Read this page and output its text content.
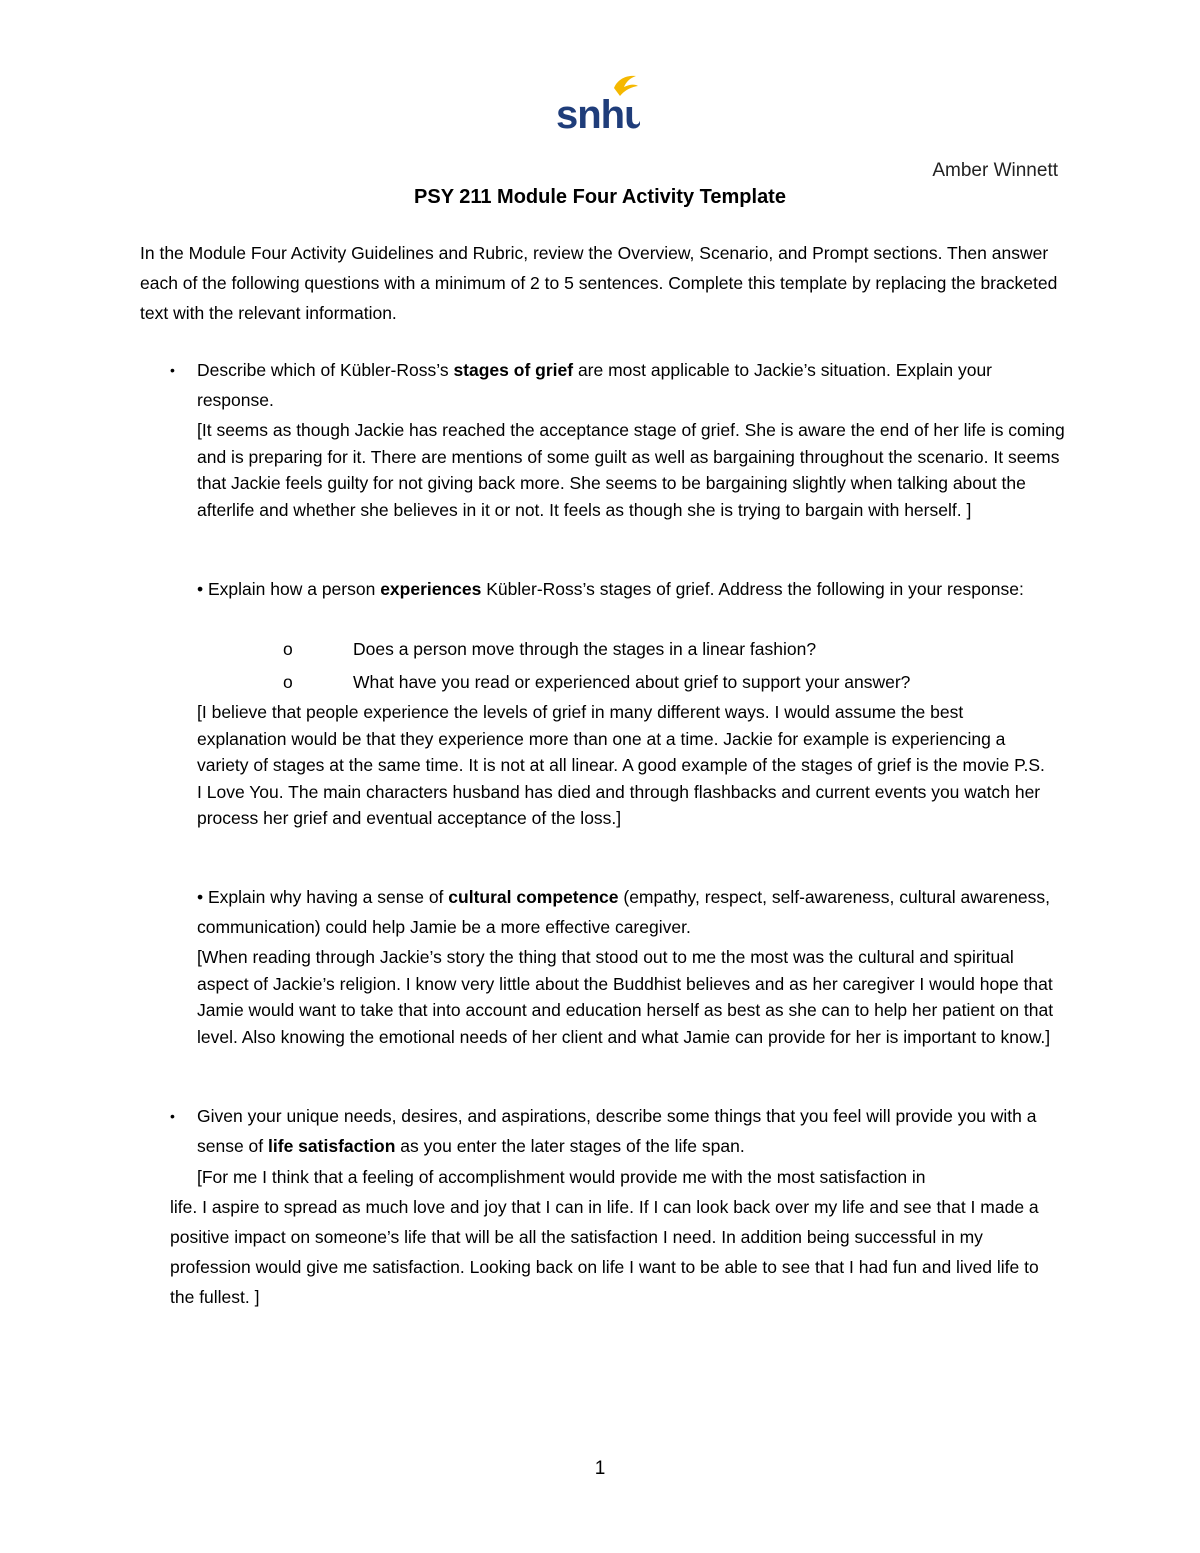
snhu
Amber Winnett
PSY 211 Module Four Activity Template
In the Module Four Activity Guidelines and Rubric, review the Overview, Scenario, and Prompt sections. Then answer each of the following questions with a minimum of 2 to 5 sentences. Complete this template by replacing the bracketed text with the relevant information.
• Describe which of Kübler-Ross’s stages of grief are most applicable to Jackie’s situation. Explain your response.
[It seems as though Jackie has reached the acceptance stage of grief. She is aware the end of her life is coming and is preparing for it. There are mentions of some guilt as well as bargaining throughout the scenario. It seems that Jackie feels guilty for not giving back more. She seems to be bargaining slightly when talking about the afterlife and whether she believes in it or not. It feels as though she is trying to bargain with herself. ]
• Explain how a person experiences Kübler-Ross’s stages of grief. Address the following in your response:
o	Does a person move through the stages in a linear fashion?
o	What have you read or experienced about grief to support your answer?
[I believe that people experience the levels of grief in many different ways. I would assume the best explanation would be that they experience more than one at a time. Jackie for example is experiencing a variety of stages at the same time. It is not at all linear. A good example of the stages of grief is the movie P.S. I Love You. The main characters husband has died and through flashbacks and current events you watch her process her grief and eventual acceptance of the loss.]
• Explain why having a sense of cultural competence (empathy, respect, self-awareness, cultural awareness, communication) could help Jamie be a more effective caregiver.
[When reading through Jackie’s story the thing that stood out to me the most was the cultural and spiritual aspect of Jackie’s religion. I know very little about the Buddhist believes and as her caregiver I would hope that Jamie would want to take that into account and education herself as best as she can to help her patient on that level. Also knowing the emotional needs of her client and what Jamie can provide for her is important to know.]
• Given your unique needs, desires, and aspirations, describe some things that you feel will provide you with a sense of life satisfaction as you enter the later stages of the life span.
[For me I think that a feeling of accomplishment would provide me with the most satisfaction in
life. I aspire to spread as much love and joy that I can in life. If I can look back over my life and see that I made a positive impact on someone’s life that will be all the satisfaction I need. In addition being successful in my profession would give me satisfaction. Looking back on life I want to be able to see that I had fun and lived life to the fullest. ]
1
